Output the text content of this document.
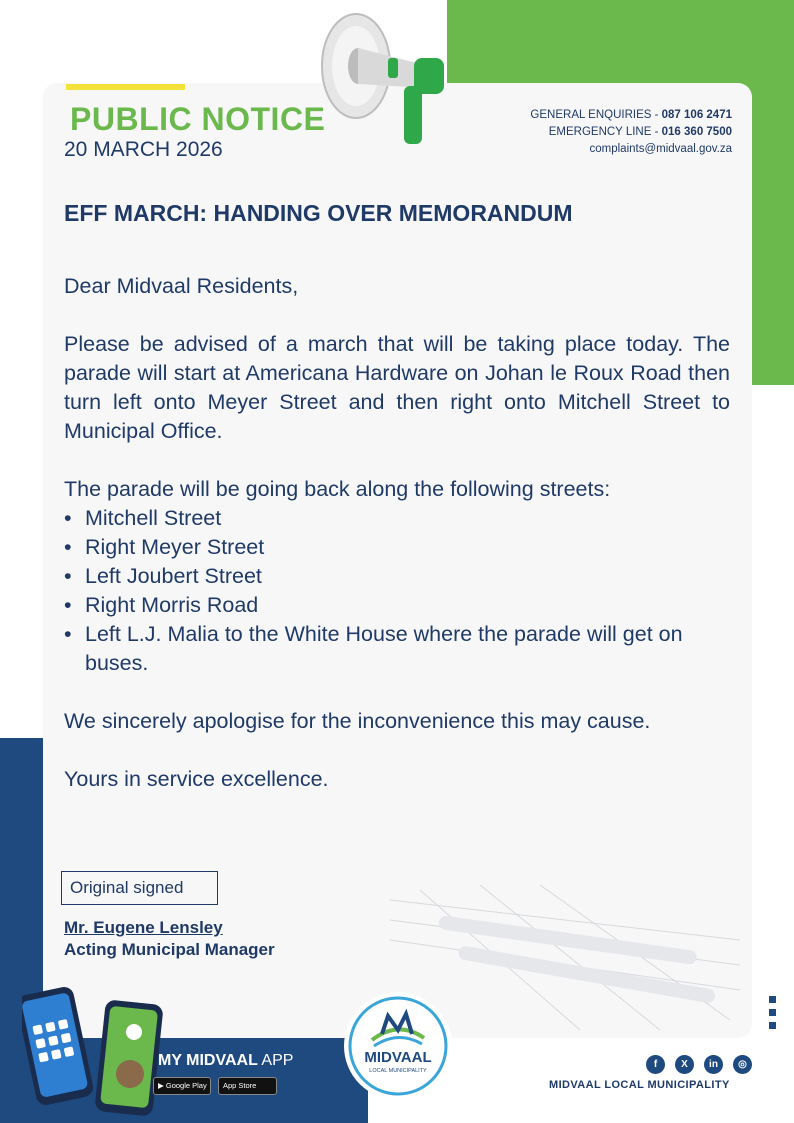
PUBLIC NOTICE
20 MARCH 2026
GENERAL ENQUIRIES - 087 106 2471
EMERGENCY LINE - 016 360 7500
complaints@midvaal.gov.za
EFF MARCH: HANDING OVER MEMORANDUM

Dear Midvaal Residents,

Please be advised of a march that will be taking place today. The parade will start at Americana Hardware on Johan le Roux Road then turn left onto Meyer Street and then right onto Mitchell Street to Municipal Office.

The parade will be going back along the following streets:

• Mitchell Street
• Right Meyer Street
• Left Joubert Street
• Right Morris Road
• Left L.J. Malia to the White House where the parade will get on buses.

We sincerely apologise for the inconvenience this may cause.

Yours in service excellence.

Original signed
Mr. Eugene Lensley
Acting Municipal Manager
MY MIDVAAL APP
▶ Google Play	App Store
MIDVAAL
LOCAL MUNICIPALITY
f	X	in	◎
MIDVAAL LOCAL MUNICIPALITY
